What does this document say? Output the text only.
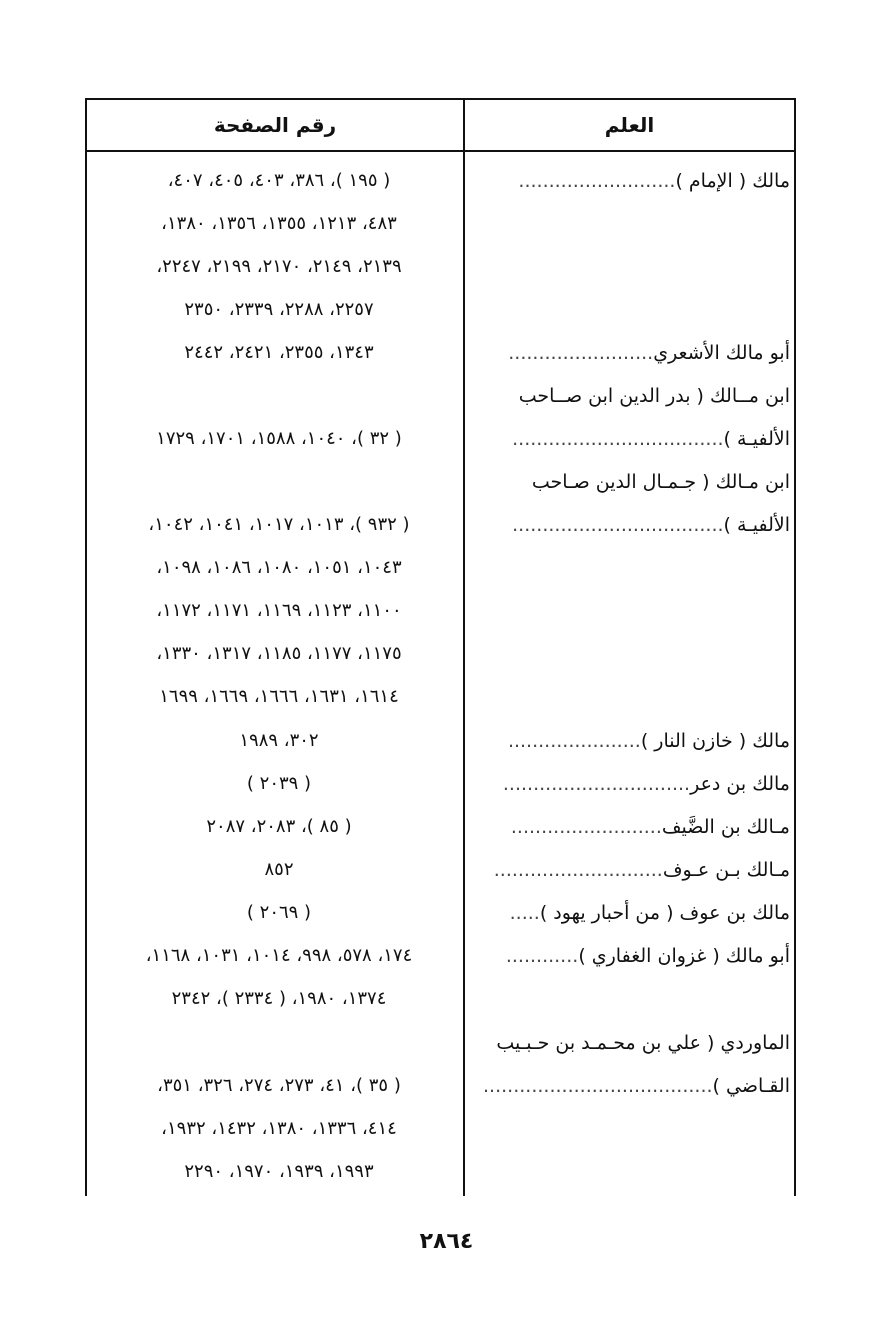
العلم
رقم الصفحة
مالك ( الإمام )..........................
أبو مالك الأشعري........................
ابن مــالك ( بدر الدين ابن صــاحب
الألفيـة )...................................
ابن مـالك ( جـمـال الدين صـاحب
الألفيـة )...................................
مالك ( خازن النار )......................
مالك بن دعر...............................
مـالك بن الضَّيف.........................
مـالك بـن عـوف............................
مالك بن عوف ( من أحبار يهود ).....
أبو مالك ( غزوان الغفاري )............
الماوردي ( علي بن محـمـد بن حـبـيب
القـاضي )......................................
( ١٩٥ )، ٣٨٦، ٤٠٣، ٤٠٥، ٤٠٧،
٤٨٣، ١٢١٣، ١٣٥٥، ١٣٥٦، ١٣٨٠،
٢١٣٩، ٢١٤٩، ٢١٧٠، ٢١٩٩، ٢٢٤٧،
٢٢٥٧، ٢٢٨٨، ٢٣٣٩، ٢٣٥٠
١٣٤٣، ٢٣٥٥، ٢٤٢١، ٢٤٤٢
( ٣٢ )، ١٠٤٠، ١٥٨٨، ١٧٠١، ١٧٢٩
( ٩٣٢ )، ١٠١٣، ١٠١٧، ١٠٤١، ١٠٤٢،
١٠٤٣، ١٠٥١، ١٠٨٠، ١٠٨٦، ١٠٩٨،
١١٠٠، ١١٢٣، ١١٦٩، ١١٧١، ١١٧٢،
١١٧٥، ١١٧٧، ١١٨٥، ١٣١٧، ١٣٣٠،
١٦١٤، ١٦٣١، ١٦٦٦، ١٦٦٩، ١٦٩٩
٣٠٢، ١٩٨٩
( ٢٠٣٩ )
( ٨٥ )، ٢٠٨٣، ٢٠٨٧
٨٥٢
( ٢٠٦٩ )
١٧٤، ٥٧٨، ٩٩٨، ١٠١٤، ١٠٣١، ١١٦٨،
١٣٧٤، ١٩٨٠، ( ٢٣٣٤ )، ٢٣٤٢
( ٣٥ )، ٤١، ٢٧٣، ٢٧٤، ٣٢٦، ٣٥١،
٤١٤، ١٣٣٦، ١٣٨٠، ١٤٣٢، ١٩٣٢،
١٩٩٣، ١٩٣٩، ١٩٧٠، ٢٢٩٠
٢٨٦٤
